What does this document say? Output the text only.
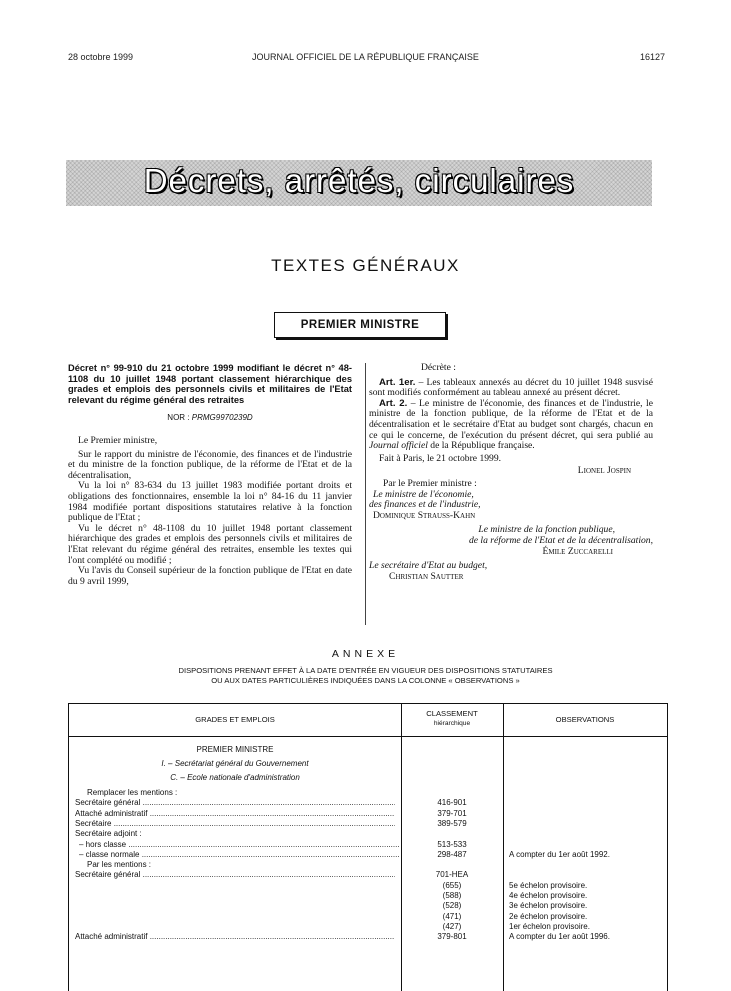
28 octobre 1999	JOURNAL OFFICIEL DE LA RÉPUBLIQUE FRANÇAISE	16127
Décrets, arrêtés, circulaires
TEXTES GÉNÉRAUX
PREMIER MINISTRE

Décret n° 99-910 du 21 octobre 1999 modifiant le décret n° 48-1108 du 10 juillet 1948 portant classement hiérarchique des grades et emplois des personnels civils et militaires de l'Etat relevant du régime général des retraites

NOR : PRMG9970239D

Le Premier ministre,

Sur le rapport du ministre de l'économie, des finances et de l'industrie et du ministre de la fonction publique, de la réforme de l'Etat et de la décentralisation,

Vu la loi n° 83-634 du 13 juillet 1983 modifiée portant droits et obligations des fonctionnaires, ensemble la loi n° 84-16 du 11 janvier 1984 modifiée portant dispositions statutaires relative à la fonction publique de l'Etat ;

Vu le décret n° 48-1108 du 10 juillet 1948 portant classement hiérarchique des grades et emplois des personnels civils et militaires de l'Etat relevant du régime général des retraites, ensemble les textes qui l'ont complété ou modifié ;

Vu l'avis du Conseil supérieur de la fonction publique de l'Etat en date du 9 avril 1999,

Décrète :

Art. 1er. – Les tableaux annexés au décret du 10 juillet 1948 susvisé sont modifiés conformément au tableau annexé au présent décret.

Art. 2. – Le ministre de l'économie, des finances et de l'industrie, le ministre de la fonction publique, de la réforme de l'Etat et de la décentralisation et le secrétaire d'Etat au budget sont chargés, chacun en ce qui le concerne, de l'exécution du présent décret, qui sera publié au Journal officiel de la République française.

Fait à Paris, le 21 octobre 1999.

Lionel Jospin

Par le Premier ministre :

Le ministre de l'économie,

des finances et de l'industrie,

Dominique Strauss-Kahn

Le ministre de la fonction publique,

de la réforme de l'Etat et de la décentralisation,

Émile Zuccarelli

Le secrétaire d'Etat au budget,

Christian Sautter

ANNEXE
DISPOSITIONS PRENANT EFFET À LA DATE D'ENTRÉE EN VIGUEUR DES DISPOSITIONS STATUTAIRES
OU AUX DATES PARTICULIÈRES INDIQUÉES DANS LA COLONNE « OBSERVATIONS »
GRADES ET EMPLOIS
CLASSEMENT
hiérarchique	OBSERVATIONS
PREMIER MINISTRE
I. – Secrétariat général du Gouvernement
C. – Ecole nationale d'administration
Remplacer les mentions :
Secrétaire général .....	416-901
Attaché administratif .....	379-701
Secrétaire .....	389-579
Secrétaire adjoint :
– hors classe .....	513-533
– classe normale .....	298-487	A compter du 1er août 1992.
Par les mentions :
Secrétaire général .....	701-HEA
(655)	5e échelon provisoire.
(588)	4e échelon provisoire.
(528)	3e échelon provisoire.
(471)	2e échelon provisoire.
(427)	1er échelon provisoire.
Attaché administratif .....	379-801	A compter du 1er août 1996.
